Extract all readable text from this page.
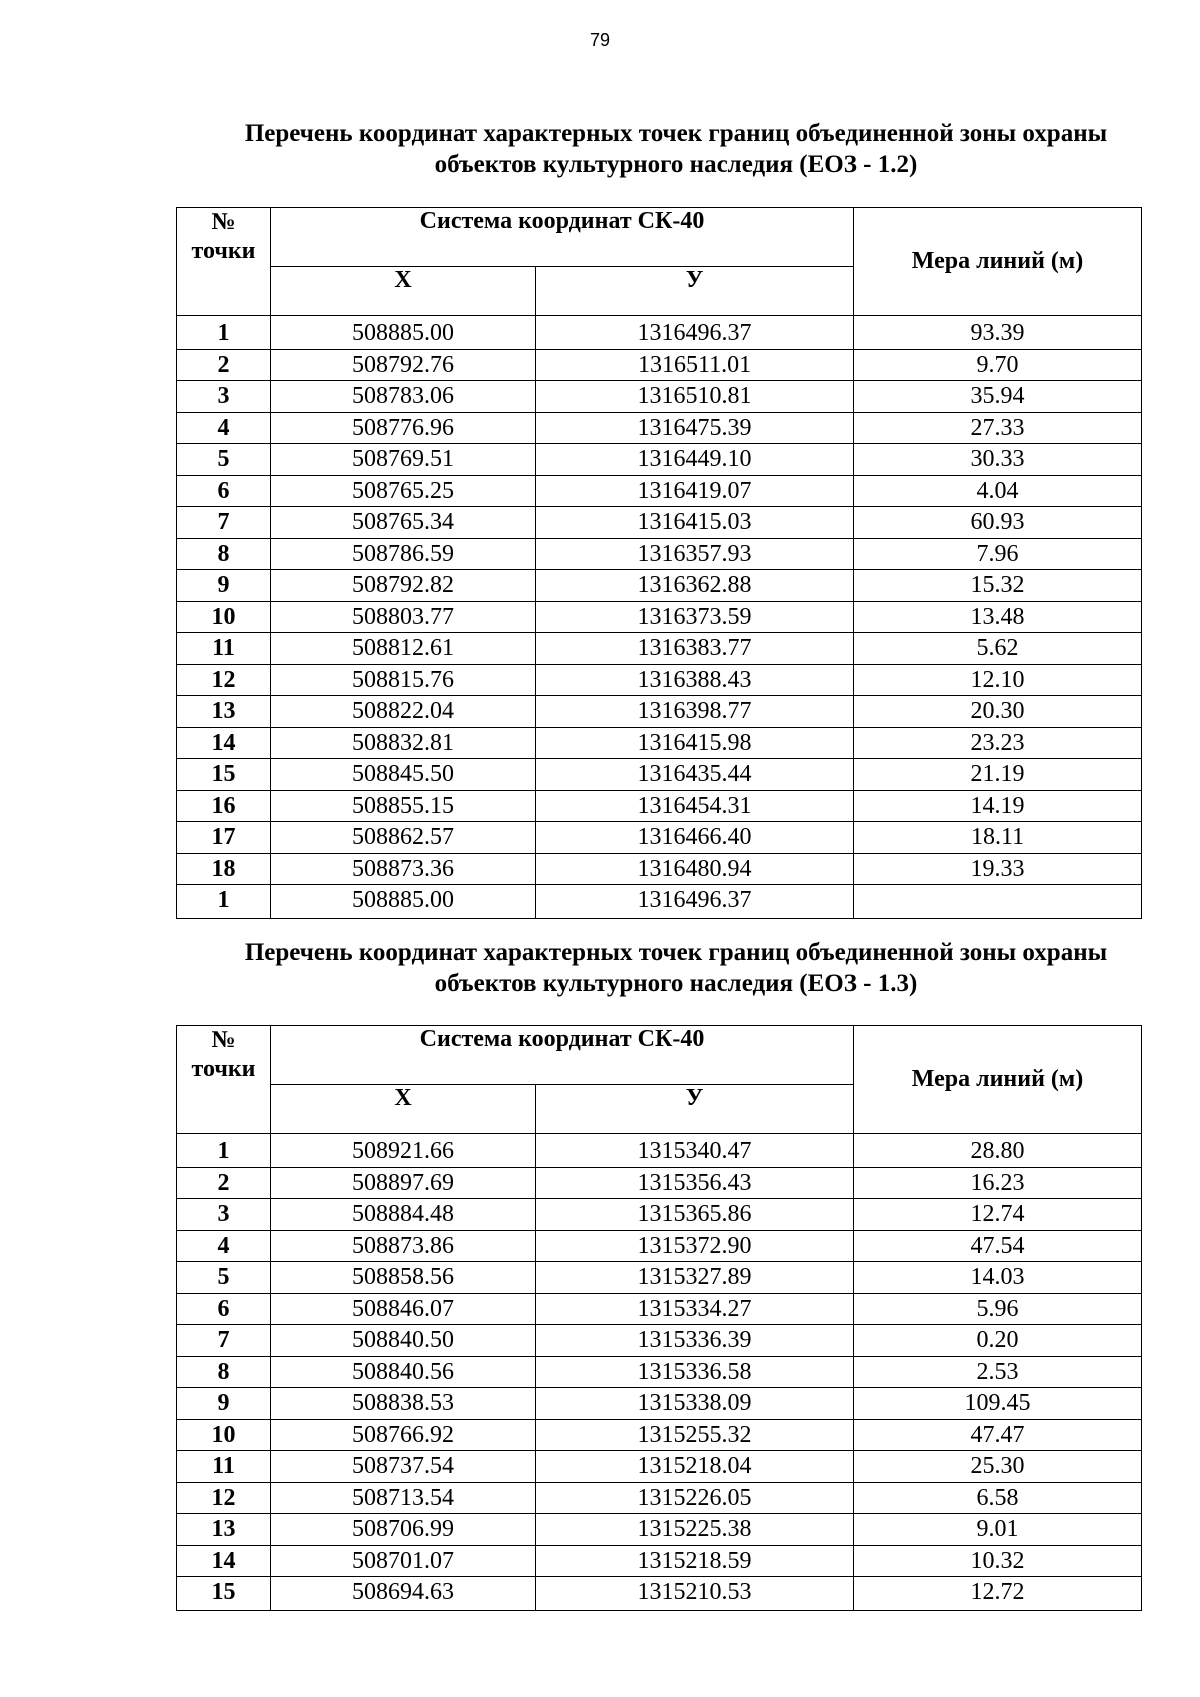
79
Перечень координат характерных точек границ объединенной зоны охраны
объектов культурного наследия (ЕОЗ - 1.2)
№
точки	Система координат СК-40		Мера линий (м)
	Х	У	
1	508885.00	1316496.37	93.39
2	508792.76	1316511.01	9.70
3	508783.06	1316510.81	35.94
4	508776.96	1316475.39	27.33
5	508769.51	1316449.10	30.33
6	508765.25	1316419.07	4.04
7	508765.34	1316415.03	60.93
8	508786.59	1316357.93	7.96
9	508792.82	1316362.88	15.32
10	508803.77	1316373.59	13.48
11	508812.61	1316383.77	5.62
12	508815.76	1316388.43	12.10
13	508822.04	1316398.77	20.30
14	508832.81	1316415.98	23.23
15	508845.50	1316435.44	21.19
16	508855.15	1316454.31	14.19
17	508862.57	1316466.40	18.11
18	508873.36	1316480.94	19.33
1	508885.00	1316496.37	
Перечень координат характерных точек границ объединенной зоны охраны
объектов культурного наследия (ЕОЗ - 1.3)
№
точки	Система координат СК-40		Мера линий (м)
	Х	У	
1	508921.66	1315340.47	28.80
2	508897.69	1315356.43	16.23
3	508884.48	1315365.86	12.74
4	508873.86	1315372.90	47.54
5	508858.56	1315327.89	14.03
6	508846.07	1315334.27	5.96
7	508840.50	1315336.39	0.20
8	508840.56	1315336.58	2.53
9	508838.53	1315338.09	109.45
10	508766.92	1315255.32	47.47
11	508737.54	1315218.04	25.30
12	508713.54	1315226.05	6.58
13	508706.99	1315225.38	9.01
14	508701.07	1315218.59	10.32
15	508694.63	1315210.53	12.72
